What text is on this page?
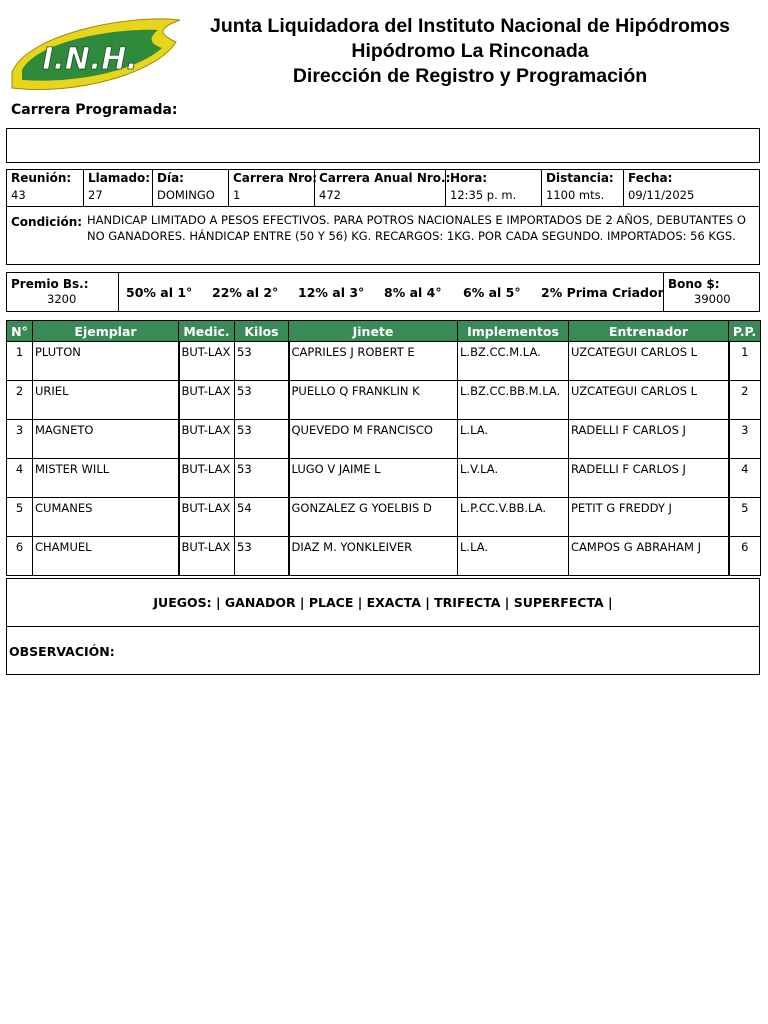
I.N.H.
Junta Liquidadora del Instituto Nacional de Hipódromos
Hipódromo La Rinconada
Dirección de Registro y Programación
Carrera Programada:
Reunión:
43
Llamado:
27
Día:
DOMINGO
Carrera Nro:
1
Carrera Anual Nro.:
472
Hora:
12:35 p. m.
Distancia:
1100 mts.
Fecha:
09/11/2025
Condición: HANDICAP LIMITADO A PESOS EFECTIVOS. PARA POTROS NACIONALES E IMPORTADOS DE 2 AÑOS, DEBUTANTES O NO GANADORES. HÁNDICAP ENTRE (50 Y 56) KG. RECARGOS: 1KG. POR CADA SEGUNDO. IMPORTADOS: 56 KGS.
Premio Bs.:
3200	50% al 1° 22% al 2° 12% al 3° 8% al 4° 6% al 5° 2% Prima Criador
Bono $:
39000
N°	Ejemplar	Medic.	Kilos	Jinete	Implementos	Entrenador	P.P.
1	PLUTON	BUT-LAX	53	CAPRILES J ROBERT E	L.BZ.CC.M.LA.	UZCATEGUI CARLOS L	1
2	URIEL	BUT-LAX	53	PUELLO Q FRANKLIN K	L.BZ.CC.BB.M.LA.	UZCATEGUI CARLOS L	2
3	MAGNETO	BUT-LAX	53	QUEVEDO M FRANCISCO	L.LA.	RADELLI F CARLOS J	3
4	MISTER WILL	BUT-LAX	53	LUGO V JAIME L	L.V.LA.	RADELLI F CARLOS J	4
5	CUMANES	BUT-LAX	54	GONZALEZ G YOELBIS D	L.P.CC.V.BB.LA.	PETIT G FREDDY J	5
6	CHAMUEL	BUT-LAX	53	DIAZ M. YONKLEIVER	L.LA.	CAMPOS G ABRAHAM J	6
JUEGOS: | GANADOR | PLACE | EXACTA | TRIFECTA | SUPERFECTA |
OBSERVACIÓN:
